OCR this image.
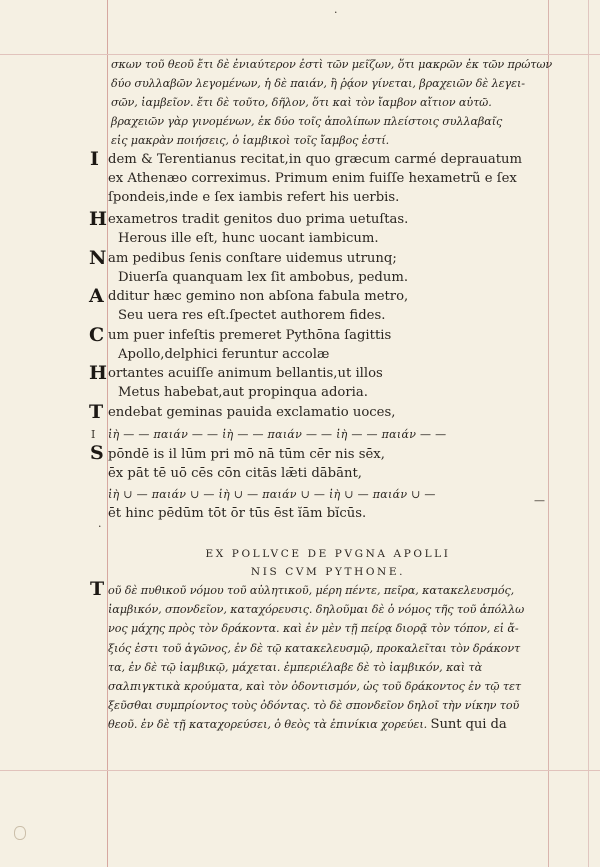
·
σκων τοῦ θεοῦ ἔτι δὲ ἐνιαύτερον ἐστὶ τῶν μεῖζων, ὅτι μακρῶν ἐκ τῶν πρώτων
δύο συλλαβῶν λεγομένων, ἡ δὲ παιάν, ἢ ῥᾴον γίνεται, βραχειῶν δὲ λεγει-
σῶν, ἰαμβεῖον. ἔτι δὲ τοῦτο, δῆλον, ὅτι καὶ τὸν ἴαμβον αἴτιον αὐτῶ.
βραχειῶν γὰρ γινομένων, ἐκ δύο τοῖς ἀπολίπων πλείστοις συλλαβαῖς
εἰς μακρὰν ποιήσεις, ὁ ἰαμβικοὶ τοῖς ἴαμβος ἐστί.
I dem & Terentianus recitat,in quo græcum carmé deprauatum
ex Athenæo correximus. Primum enim fuiſſe hexametrũ e ſex
ſpondeis,inde e ſex iambis refert his uerbis.
H exametros tradit genitos duo prima uetuſtas.
Herous ille eſt, hunc uocant iambicum.
N am pedibus ſenis conſtare uidemus utrunq;
Diuerſa quanquam lex ſit ambobus, pedum.
A dditur hæc gemino non abſona fabula metro,
Seu uera res eſt.ſpectet authorem fides.
C um puer infeſtis premeret Pythōna ſagittis
Apollo,delphici feruntur accolæ
H ortantes acuiſſe animum bellantis,ut illos
Metus habebat,aut propinqua adoria.
T endebat geminas pauida exclamatio uoces,
I ἰὴ — — παιάν — — ἰὴ — — παιάν — — ἰὴ — — παιάν — —
S pōndē is il lūm pri mō nā tūm cēr nis sēx,
ēx pāt tē uō cēs cōn citās lǣti dābānt,
ἰὴ ∪ — παιάν ∪ — ἰὴ ∪ — παιάν ∪ — ἰὴ ∪ — παιάν ∪ —
ēt hinc pēdūm tōt ōr tūs ēst ĭām bĭcūs.
EX POLLVCE DE PVGNA APOLLI
NIS CVM PYTHONE.
T οῦ δὲ πυθικοῦ νόμου τοῦ αὐλητικοῦ, μέρη πέντε, πεῖρα, κατακελευσμός,
ἰαμβικόν, σπονδεῖον, καταχόρευσις. δηλοῦμαι δὲ ὁ νόμος τῆς τοῦ ἀπόλλω
νος μάχης πρὸς τὸν δράκοντα. καὶ ἐν μὲν τῇ πείρᾳ διορᾷ τὸν τόπον, εἰ ἄ-
ξιός ἐστι τοῦ ἀγῶνος, ἐν δὲ τῷ κατακελευσμῷ, προκαλεῖται τὸν δράκοντ
τα, ἐν δὲ τῷ ἰαμβικῷ, μάχεται. ἐμπεριέλαβε δὲ τὸ ἰαμβικόν, καὶ τὰ
σαλπιγκτικὰ κρούματα, καὶ τὸν ὀδοντισμόν, ὡς τοῦ δράκοντος ἐν τῷ τετ
ξεῦσθαι συμπρίοντος τοὺς ὀδόντας. τὸ δὲ σπονδεῖον δηλοῖ τὴν νίκην τοῦ
θεοῦ. ἐν δὲ τῇ καταχορεύσει, ὁ θεὸς τὰ ἐπινίκια χορεύει. Sunt qui da
·
—
